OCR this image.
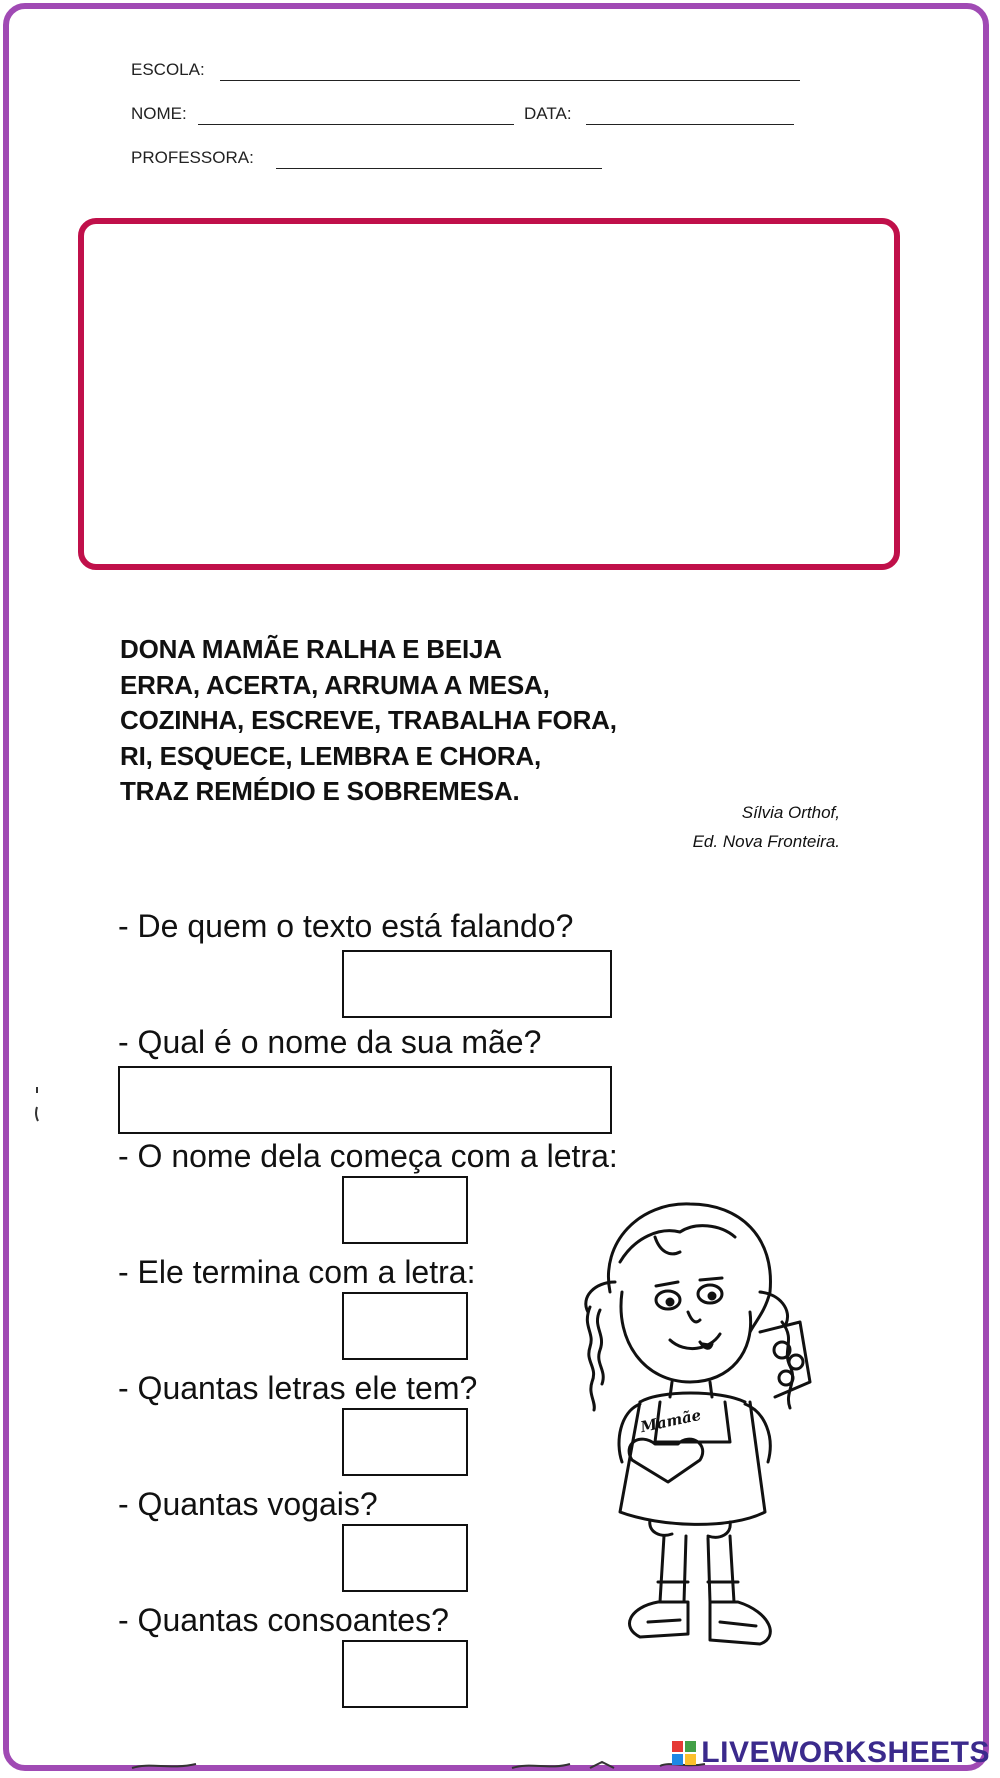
ESCOLA:
NOME:	DATA:
PROFESSORA:
DONA MAMÃE RALHA E BEIJA
ERRA, ACERTA, ARRUMA A MESA,
COZINHA, ESCREVE, TRABALHA FORA,
RI, ESQUECE, LEMBRA E CHORA,
TRAZ REMÉDIO E SOBREMESA.
Sílvia Orthof,
Ed. Nova Fronteira.
- De quem o texto está falando?
- Qual é o nome da sua mãe?
- O nome dela começa com a letra:
- Ele termina com a letra:
- Quantas letras ele tem?
- Quantas vogais?
- Quantas consoantes?
Mamãe
LIVEWORKSHEETS
